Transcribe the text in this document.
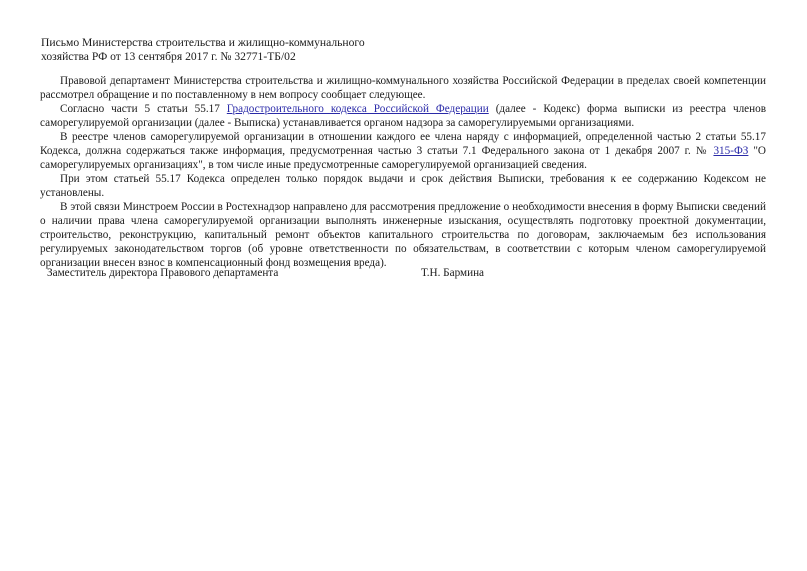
Письмо Министерства строительства и жилищно-коммунального
хозяйства РФ от 13 сентября 2017 г. № 32771-ТБ/02

Правовой департамент Министерства строительства и жилищно-коммунального хозяйства Российской Федерации в пределах своей компетенции рассмотрел обращение и по поставленному в нем вопросу сообщает следующее.

Согласно части 5 статьи 55.17 Градостроительного кодекса Российской Федерации (далее - Кодекс) форма выписки из реестра членов саморегулируемой организации (далее - Выписка) устанавливается органом надзора за саморегулируемыми организациями.

В реестре членов саморегулируемой организации в отношении каждого ее члена наряду с информацией, определенной частью 2 статьи 55.17 Кодекса, должна содержаться также информация, предусмотренная частью 3 статьи 7.1 Федерального закона от 1 декабря 2007 г. № 315-ФЗ "О саморегулируемых организациях", в том числе иные предусмотренные саморегулируемой организацией сведения.

При этом статьей 55.17 Кодекса определен только порядок выдачи и срок действия Выписки, требования к ее содержанию Кодексом не установлены.

В этой связи Минстроем России в Ростехнадзор направлено для рассмотрения предложение о необходимости внесения в форму Выписки сведений о наличии права члена саморегулируемой организации выполнять инженерные изыскания, осуществлять подготовку проектной документации, строительство, реконструкцию, капитальный ремонт объектов капитального строительства по договорам, заключаемым без использования регулируемых законодательством торгов (об уровне ответственности по обязательствам, в соответствии с которым членом саморегулируемой организации внесен взнос в компенсационный фонд возмещения вреда).

Заместитель директора Правового департамента	Т.Н. Бармина
